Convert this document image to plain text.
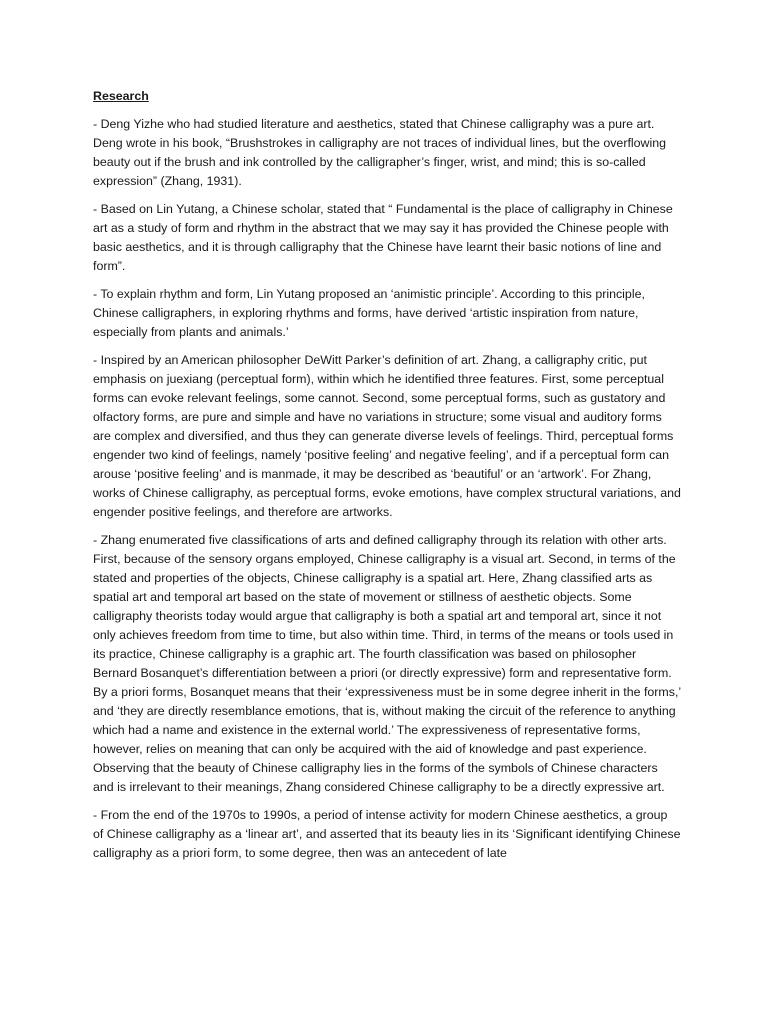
Research

- Deng Yizhe who had studied literature and aesthetics, stated that Chinese calligraphy was a pure art. Deng wrote in his book, “Brushstrokes in calligraphy are not traces of individual lines, but the overflowing beauty out if the brush and ink controlled by the calligrapher’s finger, wrist, and mind; this is so-called expression” (Zhang, 1931).

- Based on Lin Yutang, a Chinese scholar, stated that “ Fundamental is the place of calligraphy in Chinese art as a study of form and rhythm in the abstract that we may say it has provided the Chinese people with basic aesthetics, and it is through calligraphy that the Chinese have learnt their basic notions of line and form”.

- To explain rhythm and form, Lin Yutang proposed an ‘animistic principle’. According to this principle, Chinese calligraphers, in exploring rhythms and forms, have derived ‘artistic inspiration from nature, especially from plants and animals.’

- Inspired by an American philosopher DeWitt Parker’s definition of art. Zhang, a calligraphy critic, put emphasis on juexiang (perceptual form), within which he identified three features. First, some perceptual forms can evoke relevant feelings, some cannot. Second, some perceptual forms, such as gustatory and olfactory forms, are pure and simple and have no variations in structure; some visual and auditory forms are complex and diversified, and thus they can generate diverse levels of feelings. Third, perceptual forms engender two kind of feelings, namely ‘positive feeling’ and negative feeling’, and if a perceptual form can arouse ‘positive feeling’ and is manmade, it may be described as ‘beautiful’ or an ‘artwork’. For Zhang, works of Chinese calligraphy, as perceptual forms, evoke emotions, have complex structural variations, and engender positive feelings, and therefore are artworks.

- Zhang enumerated five classifications of arts and defined calligraphy through its relation with other arts. First, because of the sensory organs employed, Chinese calligraphy is a visual art. Second, in terms of the stated and properties of the objects, Chinese calligraphy is a spatial art. Here, Zhang classified arts as spatial art and temporal art based on the state of movement or stillness of aesthetic objects. Some calligraphy theorists today would argue that calligraphy is both a spatial art and temporal art, since it not only achieves freedom from time to time, but also within time. Third, in terms of the means or tools used in its practice, Chinese calligraphy is a graphic art. The fourth classification was based on philosopher Bernard Bosanquet’s differentiation between a priori (or directly expressive) form and representative form. By a priori forms, Bosanquet means that their ‘expressiveness must be in some degree inherit in the forms,’ and ‘they are directly resemblance emotions, that is, without making the circuit of the reference to anything which had a name and existence in the external world.’ The expressiveness of representative forms, however, relies on meaning that can only be acquired with the aid of knowledge and past experience. Observing that the beauty of Chinese calligraphy lies in the forms of the symbols of Chinese characters and is irrelevant to their meanings, Zhang considered Chinese calligraphy to be a directly expressive art.

- From the end of the 1970s to 1990s, a period of intense activity for modern Chinese aesthetics, a group of Chinese calligraphy as a ‘linear art’, and asserted that its beauty lies in its ‘Significant identifying Chinese calligraphy as a priori form, to some degree, then was an antecedent of late
